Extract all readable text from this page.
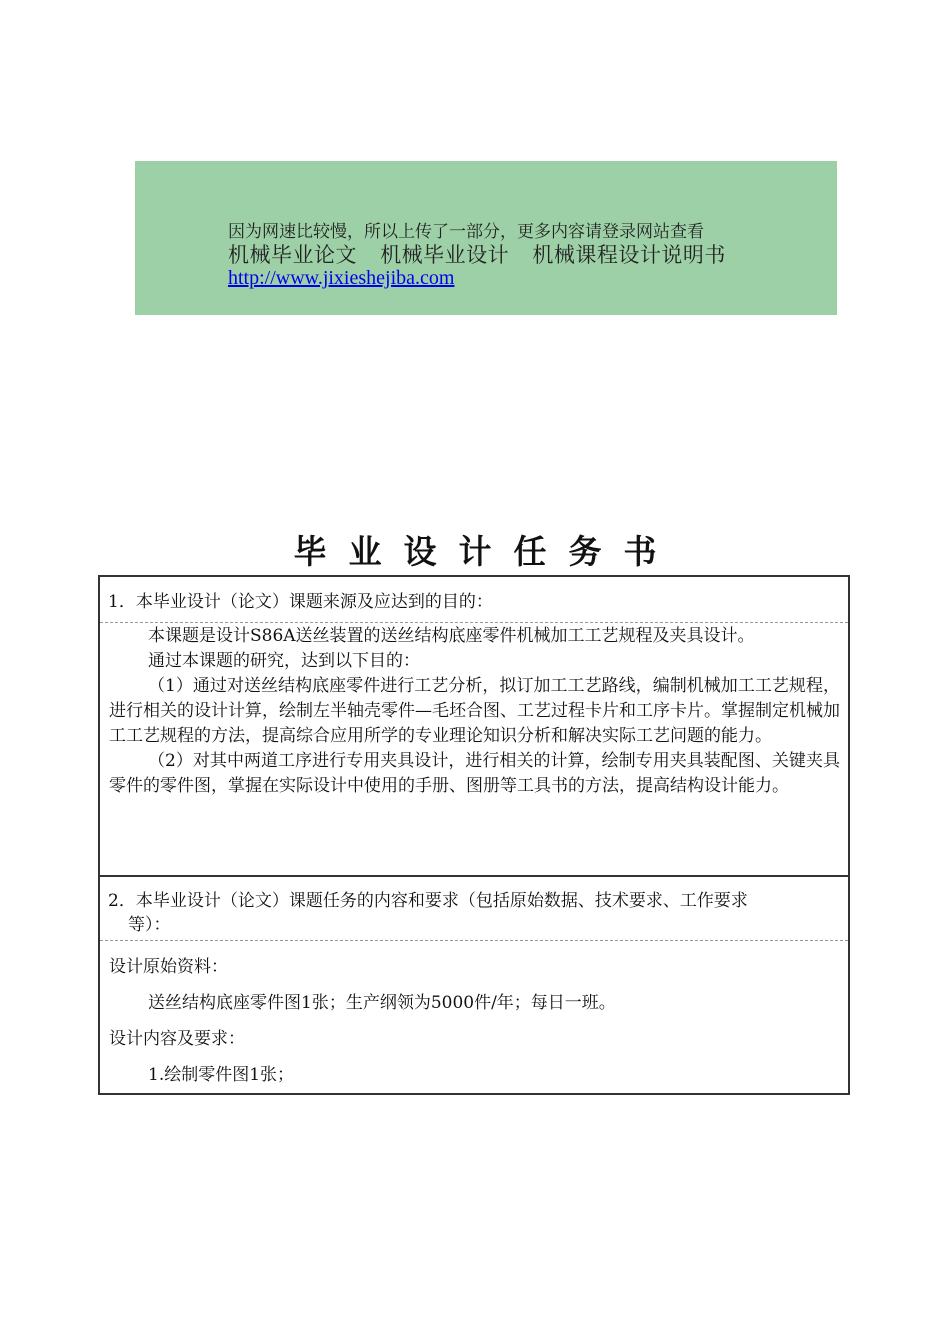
因为网速比较慢，所以上传了一部分，更多内容请登录网站查看
机械毕业论文 机械毕业设计 机械课程设计说明书
http://www.jixieshejiba.com
毕业设计任务书
1．本毕业设计（论文）课题来源及应达到的目的：

本课题是设计S86A送丝装置的送丝结构底座零件机械加工工艺规程及夹具设计。

通过本课题的研究，达到以下目的：

（1）通过对送丝结构底座零件进行工艺分析，拟订加工工艺路线，编制机械加工工艺规程，进行相关的设计计算，绘制左半轴壳零件—毛坯合图、工艺过程卡片和工序卡片。掌握制定机械加工工艺规程的方法，提高综合应用所学的专业理论知识分析和解决实际工艺问题的能力。

（2）对其中两道工序进行专用夹具设计，进行相关的计算，绘制专用夹具装配图、关键夹具零件的零件图，掌握在实际设计中使用的手册、图册等工具书的方法，提高结构设计能力。

2．本毕业设计（论文）课题任务的内容和要求（包括原始数据、技术要求、工作要求
等）：
设计原始资料：
送丝结构底座零件图1张；生产纲领为5000件/年；每日一班。
设计内容及要求：
1.绘制零件图1张；
